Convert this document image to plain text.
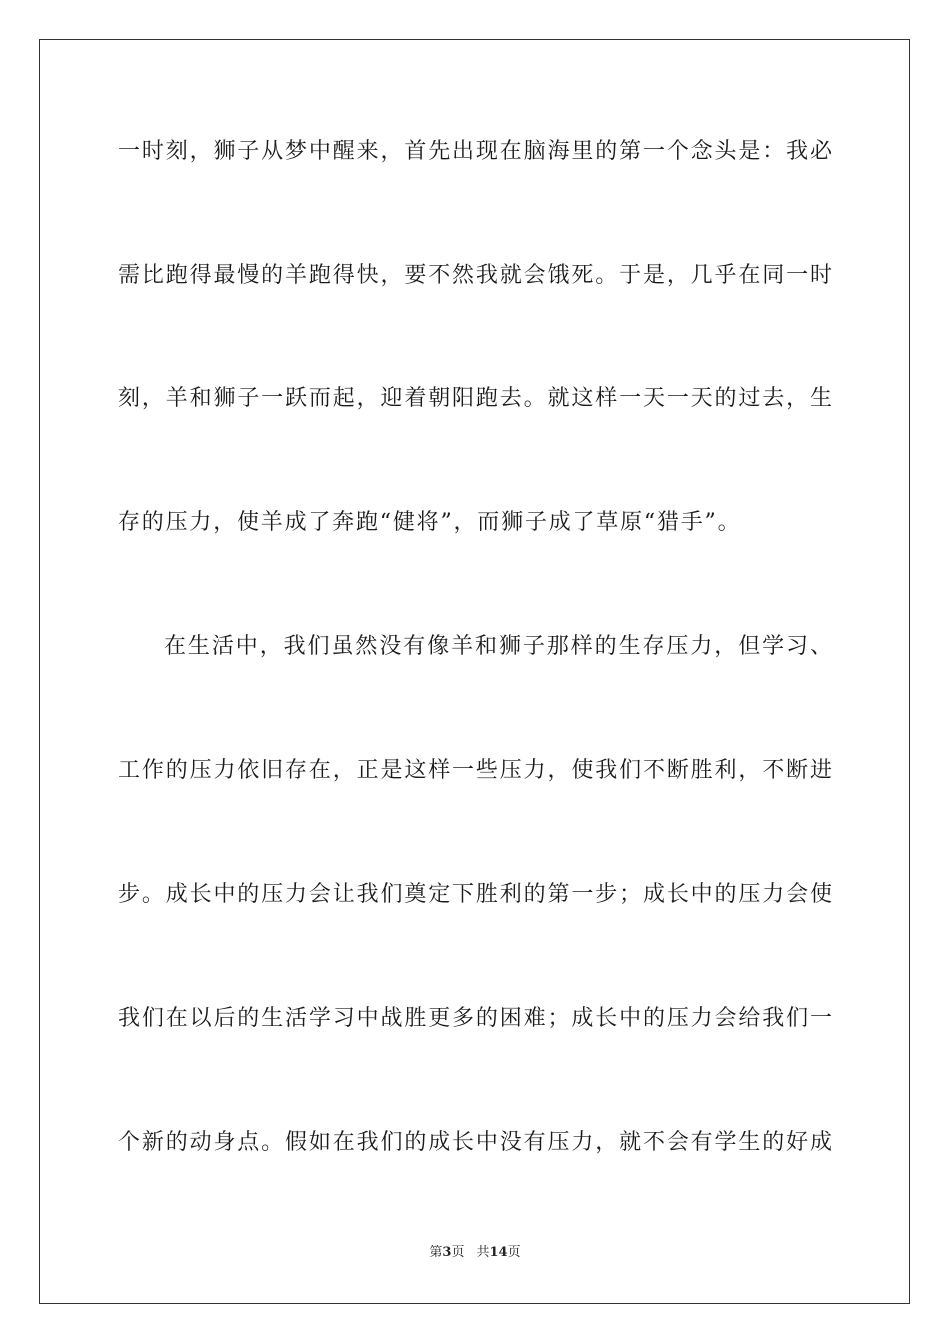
一时刻，狮子从梦中醒来，首先出现在脑海里的第一个念头是：我必
需比跑得最慢的羊跑得快，要不然我就会饿死。于是，几乎在同一时
刻，羊和狮子一跃而起，迎着朝阳跑去。就这样一天一天的过去，生
存的压力，使羊成了奔跑“健将”，而狮子成了草原“猎手”。
在生活中，我们虽然没有像羊和狮子那样的生存压力，但学习、
工作的压力依旧存在，正是这样一些压力，使我们不断胜利，不断进
步。成长中的压力会让我们奠定下胜利的第一步；成长中的压力会使
我们在以后的生活学习中战胜更多的困难；成长中的压力会给我们一
个新的动身点。假如在我们的成长中没有压力，就不会有学生的好成
第3页 共14页
